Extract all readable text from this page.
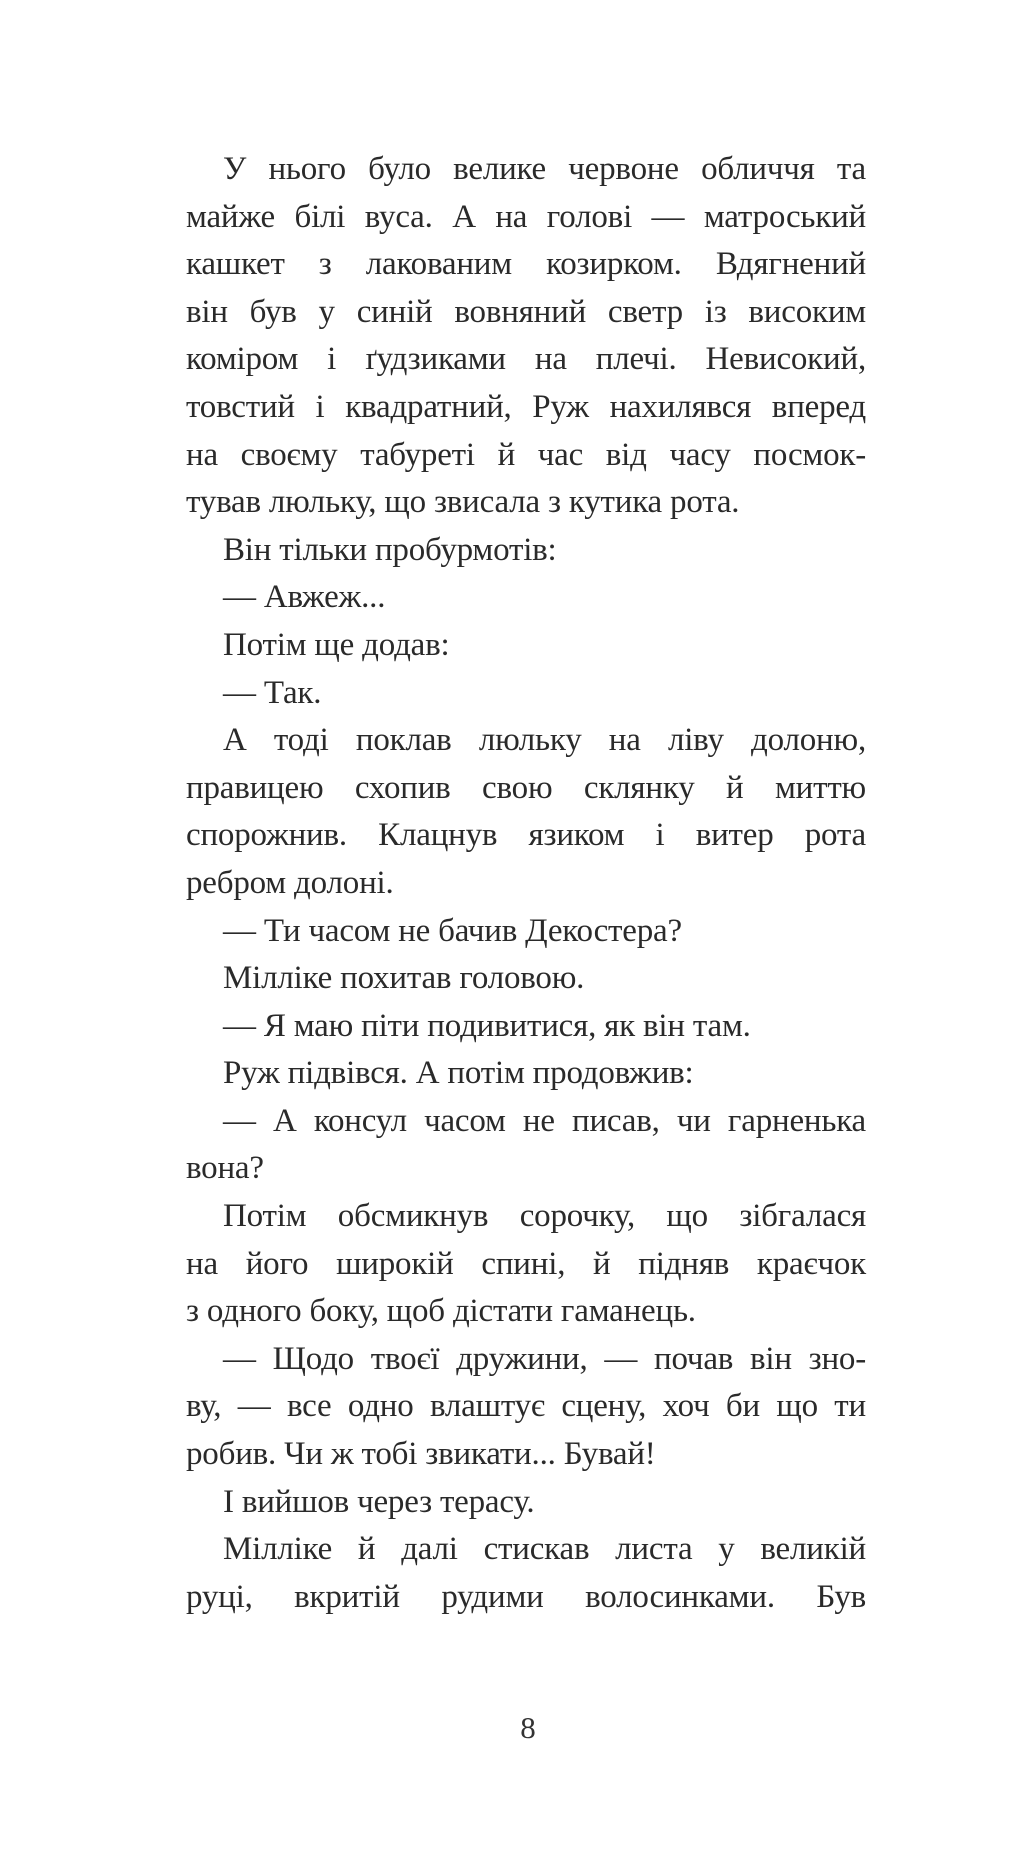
У нього було велике червоне обличчя та
майже білі вуса. А на голові — матроський
кашкет з лакованим козирком. Вдягнений
він був у синій вовняний светр із високим
коміром і ґудзиками на плечі. Невисокий,
товстий і квадратний, Руж нахилявся вперед
на своєму табуреті й час від часу посмок-
тував люльку, що звисала з кутика рота.
Він тільки пробурмотів:
— Авжеж...
Потім ще додав:
— Так.
А тоді поклав люльку на ліву долоню,
правицею схопив свою склянку й миттю
спорожнив. Клацнув язиком і витер рота
ребром долоні.
— Ти часом не бачив Декостера?
Мілліке похитав головою.
— Я маю піти подивитися, як він там.
Руж підвівся. А потім продовжив:
— А консул часом не писав, чи гарненька
вона?
Потім обсмикнув сорочку, що зібгалася
на його широкій спині, й підняв краєчок
з одного боку, щоб дістати гаманець.
— Щодо твоєї дружини, — почав він зно-
ву, — все одно влаштує сцену, хоч би що ти
робив. Чи ж тобі звикати... Бувай!
І вийшов через терасу.
Мілліке й далі стискав листа у великій
руці, вкритій рудими волосинками. Був
8
